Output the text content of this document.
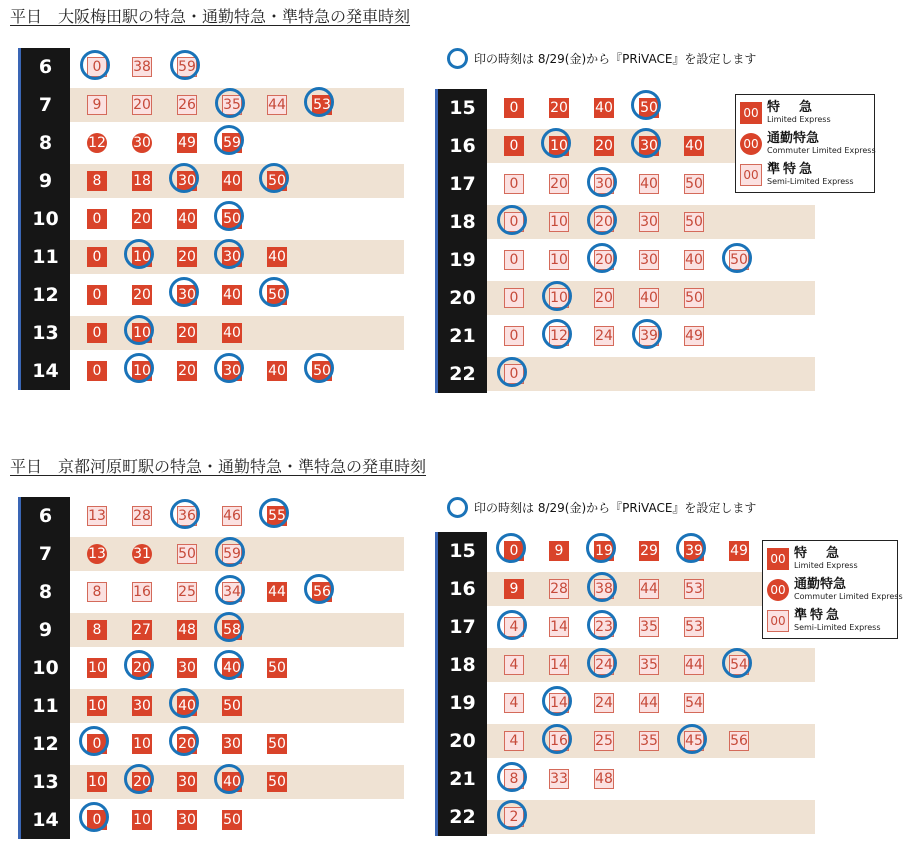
平日　大阪梅田駅の特急・通勤特急・準特急の発車時刻
印の時刻は 8/29(金)から『PRiVACE』を設定します
6	0	38 59
7	9	20 26 35 44 53
8	12 30 49 59
9	8	18 30 40 50
10	0	20 40 50
11	0	10 20 30 40
12	0	20 30 40 50
13	0	10 20 40
14	0	10 20 30 40 50
15	0	20 40 50
16	0	10 20 30 40
17	0	20 30 40 50
18	0	10 20 30 50
19	0	10 20 30 40 50
20	0	10 20 40 50
21	0	12 24 39 49
22	0
00 特　急
Limited Express
00 通勤特急
Commuter Limited Express
00 準特急
Semi-Limited Express
平日　京都河原町駅の特急・通勤特急・準特急の発車時刻
印の時刻は 8/29(金)から『PRiVACE』を設定します
6	13 28 36 46 55
7	13 31 50 59
8	8	16 25 34 44 56
9	8	27 48 58
10	10 20 30 40 50
11	10 30 40 50
12	0	10 20 30 50
13	10 20 30 40 50
14	0	10 30 50
15	0	9	19 29 39 49
16	9	28 38 44 53
17	4	14 23 35 53
18	4	14 24 35 44 54
19	4	14 24 44 54
20	4	16 25 35 45 56
21	8	33 48
22	2
00 特　急
Limited Express
00 通勤特急
Commuter Limited Express
00 準特急
Semi-Limited Express
